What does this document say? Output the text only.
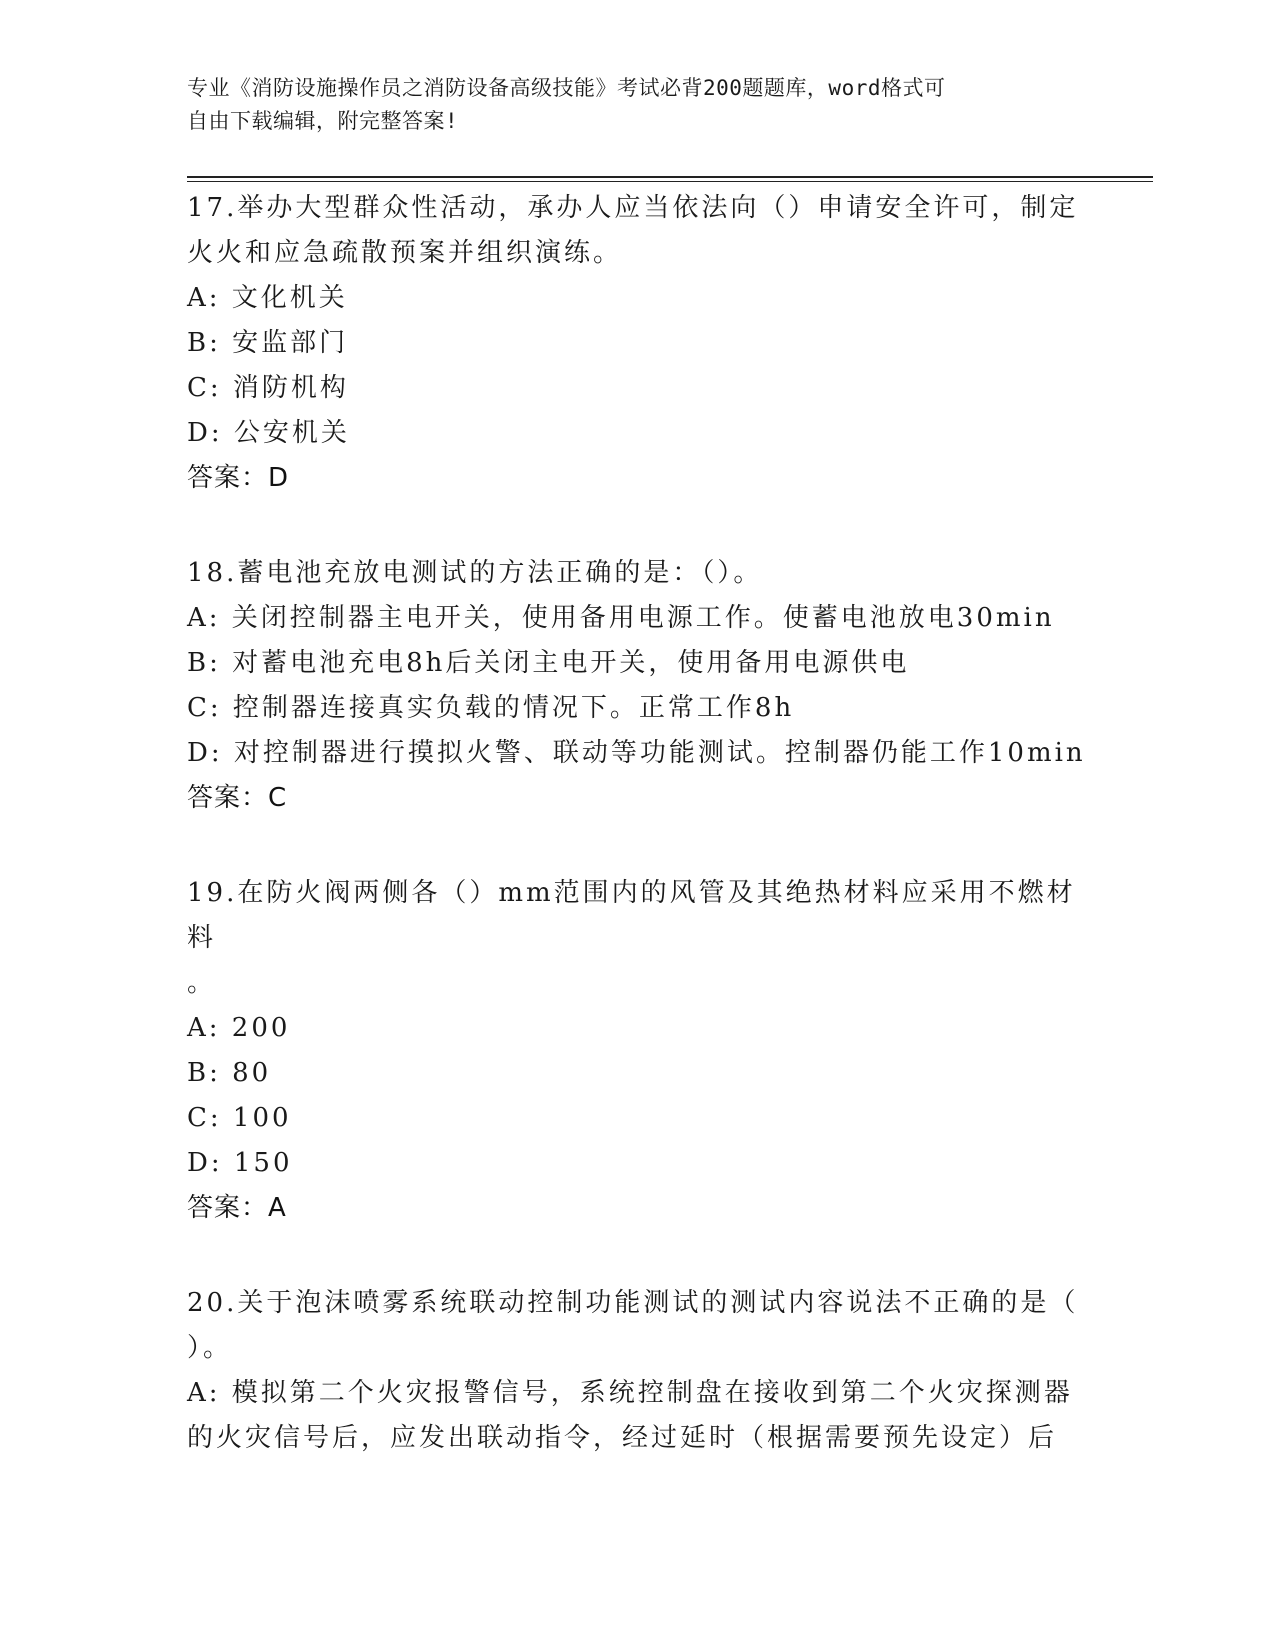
专业《消防设施操作员之消防设备高级技能》考试必背200题题库，word格式可
自由下载编辑，附完整答案!

17.举办大型群众性活动，承办人应当依法向（）申请安全许可，制定

火火和应急疏散预案并组织演练。

A: 文化机关

B: 安监部门

C: 消防机构

D: 公安机关

答案：D

18.蓄电池充放电测试的方法正确的是：（）。

A: 关闭控制器主电开关，使用备用电源工作。使蓄电池放电30min

B: 对蓄电池充电8h后关闭主电开关，使用备用电源供电

C: 控制器连接真实负载的情况下。正常工作8h

D: 对控制器进行摸拟火警、联动等功能测试。控制器仍能工作10min

答案：C

19.在防火阀两侧各（）mm范围内的风管及其绝热材料应采用不燃材料

。

A: 200

B: 80

C: 100

D: 150

答案：A

20.关于泡沫喷雾系统联动控制功能测试的测试内容说法不正确的是（

）。

A: 模拟第二个火灾报警信号，系统控制盘在接收到第二个火灾探测器

的火灾信号后，应发出联动指令，经过延时（根据需要预先设定）后
